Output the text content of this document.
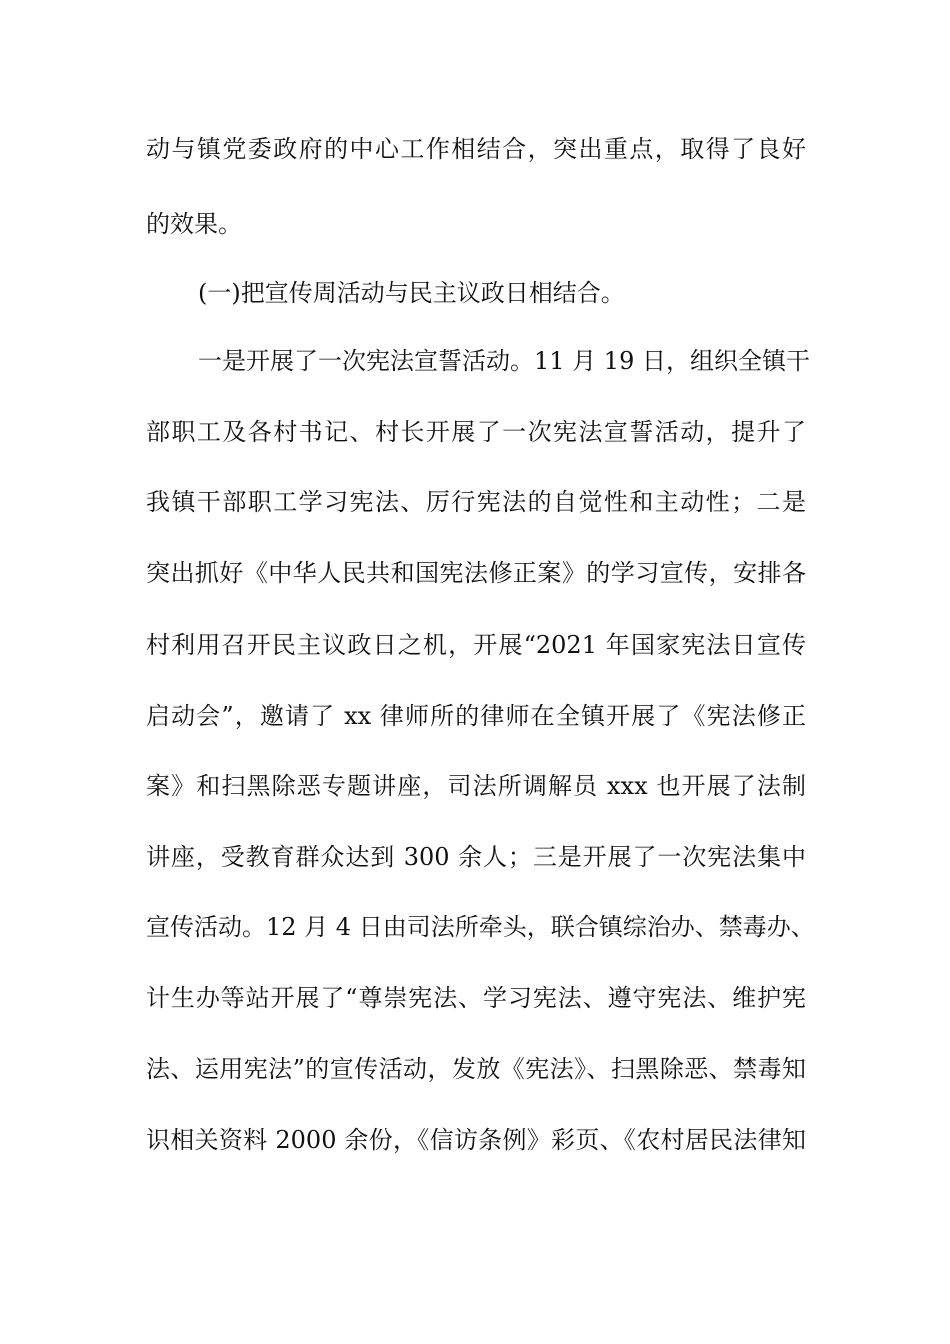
动与镇党委政府的中心工作相结合，突出重点，取得了良好
的效果。
(一)把宣传周活动与民主议政日相结合。
一是开展了一次宪法宣誓活动。11 月 19 日，组织全镇干
部职工及各村书记、村长开展了一次宪法宣誓活动，提升了
我镇干部职工学习宪法、厉行宪法的自觉性和主动性；二是
突出抓好《中华人民共和国宪法修正案》的学习宣传，安排各
村利用召开民主议政日之机，开展“2021 年国家宪法日宣传
启动会”，邀请了 xx 律师所的律师在全镇开展了《宪法修正
案》和扫黑除恶专题讲座，司法所调解员 xxx 也开展了法制
讲座，受教育群众达到 300 余人；三是开展了一次宪法集中
宣传活动。12 月 4 日由司法所牵头，联合镇综治办、禁毒办、
计生办等站开展了“尊崇宪法、学习宪法、遵守宪法、维护宪
法、运用宪法”的宣传活动，发放《宪法》、扫黑除恶、禁毒知
识相关资料 2000 余份，《信访条例》彩页、《农村居民法律知
